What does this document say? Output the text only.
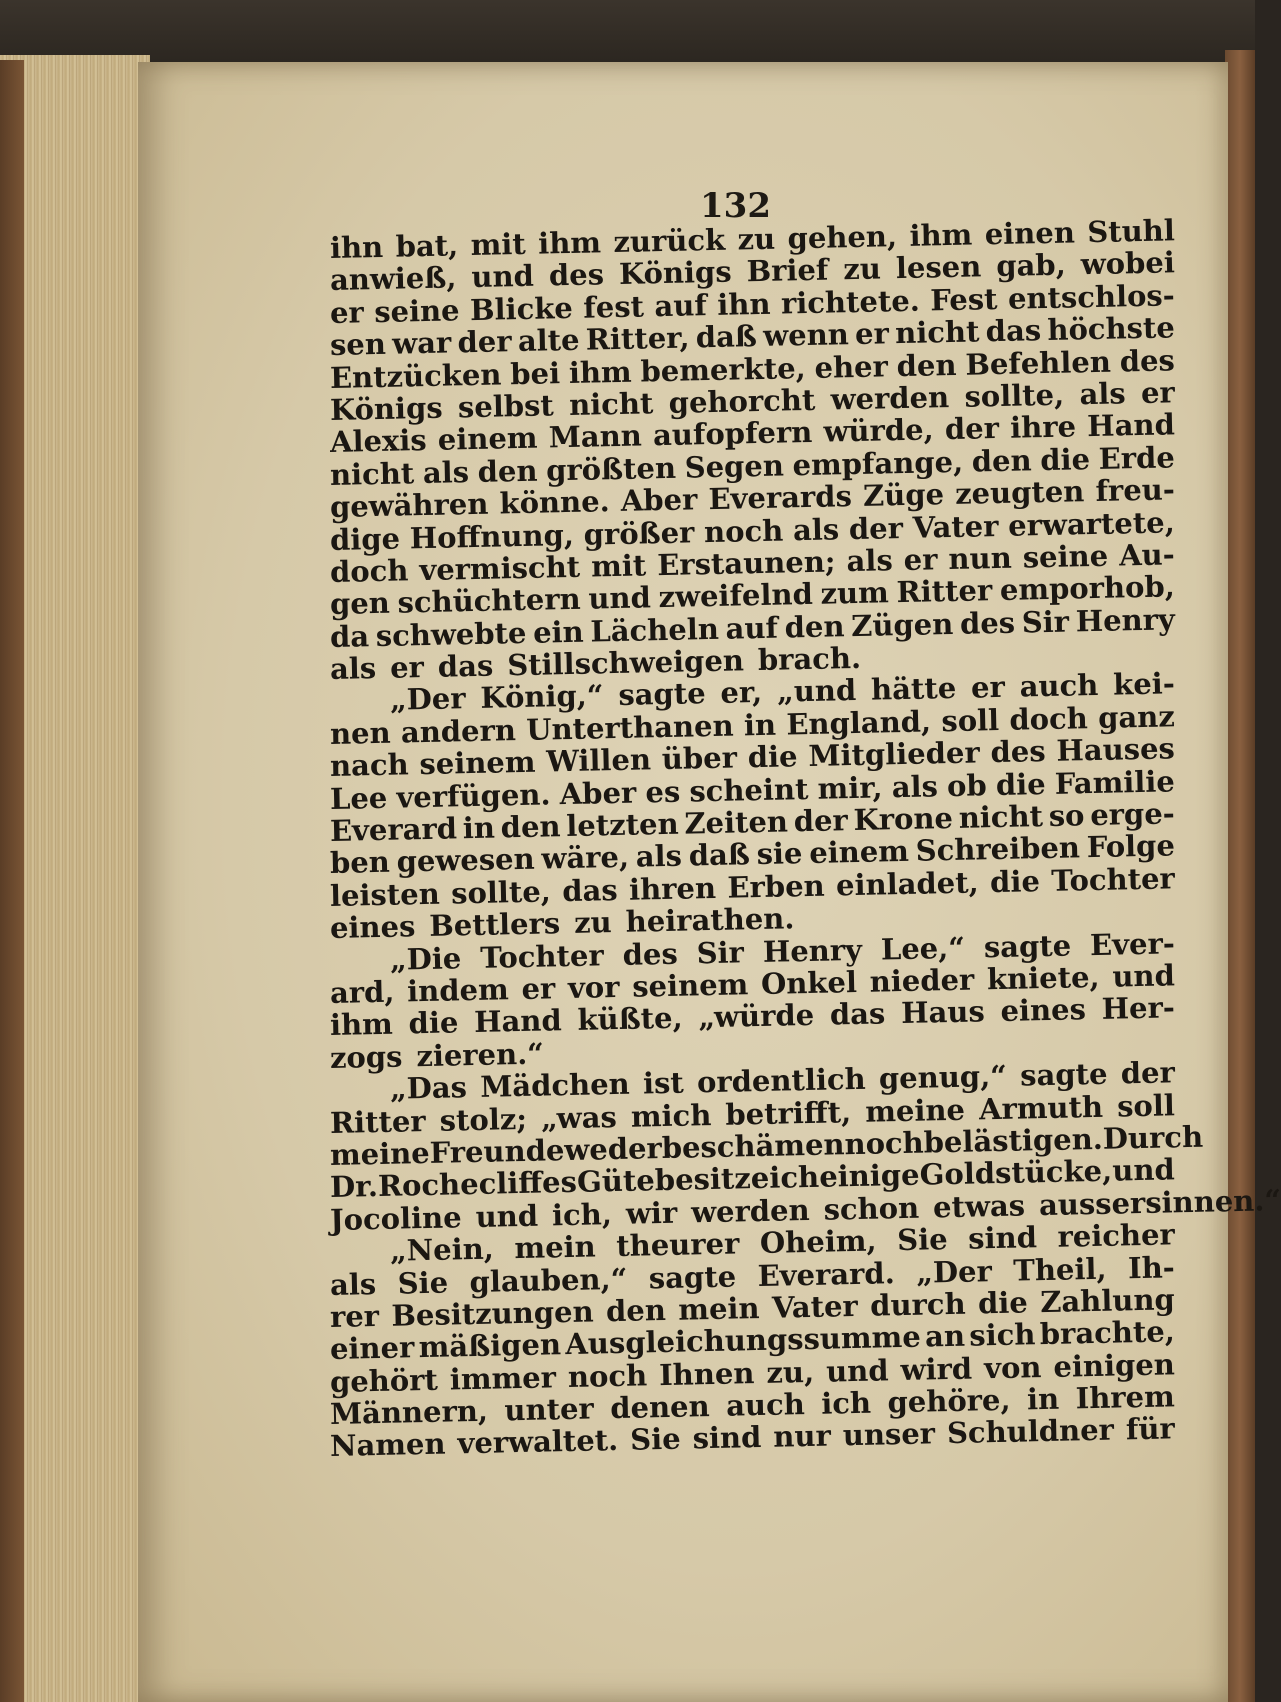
132
ihn bat, mit ihm zurück zu gehen, ihm einen Stuhl
anwieß, und des Königs Brief zu lesen gab, wobei
er seine Blicke fest auf ihn richtete. Fest entschlos-
sen war der alte Ritter, daß wenn er nicht das höchste
Entzücken bei ihm bemerkte, eher den Befehlen des
Königs selbst nicht gehorcht werden sollte, als er
Alexis einem Mann aufopfern würde, der ihre Hand
nicht als den größten Segen empfange, den die Erde
gewähren könne. Aber Everards Züge zeugten freu-
dige Hoffnung, größer noch als der Vater erwartete,
doch vermischt mit Erstaunen; als er nun seine Au-
gen schüchtern und zweifelnd zum Ritter emporhob,
da schwebte ein Lächeln auf den Zügen des Sir Henry
als er das Stillschweigen brach.
„Der König,“ sagte er, „und hätte er auch kei-
nen andern Unterthanen in England, soll doch ganz
nach seinem Willen über die Mitglieder des Hauses
Lee verfügen. Aber es scheint mir, als ob die Familie
Everard in den letzten Zeiten der Krone nicht so erge-
ben gewesen wäre, als daß sie einem Schreiben Folge
leisten sollte, das ihren Erben einladet, die Tochter
eines Bettlers zu heirathen.
„Die Tochter des Sir Henry Lee,“ sagte Ever-
ard, indem er vor seinem Onkel nieder kniete, und
ihm die Hand küßte, „würde das Haus eines Her-
zogs zieren.“
„Das Mädchen ist ordentlich genug,“ sagte der
Ritter stolz; „was mich betrifft, meine Armuth soll
meine Freunde weder beschämen noch belästigen. Durch
Dr. Rochecliffes Güte besitze ich einige Goldstücke, und
Jocoline und ich, wir werden schon etwas aussersinnen.“
„Nein, mein theurer Oheim, Sie sind reicher
als Sie glauben,“ sagte Everard. „Der Theil, Ih-
rer Besitzungen den mein Vater durch die Zahlung
einer mäßigen Ausgleichungssumme an sich brachte,
gehört immer noch Ihnen zu, und wird von einigen
Männern, unter denen auch ich gehöre, in Ihrem
Namen verwaltet. Sie sind nur unser Schuldner für
